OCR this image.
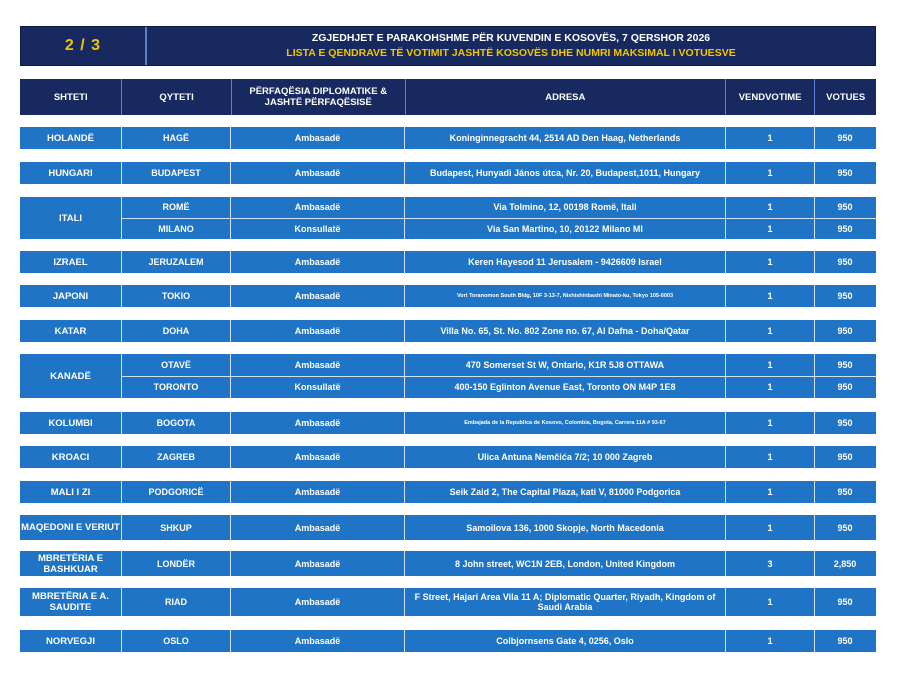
2 / 3	ZGJEDHJET E PARAKOHSHME PËR KUVENDIN E KOSOVËS, 7 QERSHOR 2026
LISTA E QENDRAVE TË VOTIMIT JASHTË KOSOVËS DHE NUMRI MAKSIMAL I VOTUESVE
SHTETI	QYTETI	PËRFAQËSIA DIPLOMATIKE & JASHTË PËRFAQËSISË	ADRESA	VENDVOTIME	VOTUES
HOLANDË	HAGË	Ambasadë	Koninginnegracht 44, 2514 AD Den Haag, Netherlands	1	950
HUNGARI	BUDAPEST	Ambasadë	Budapest, Hunyadi János útca, Nr. 20, Budapest,1011, Hungary	1	950
ITALI
ROMË	Ambasadë	Via Tolmino, 12, 00198 Romë, Itali	1	950
MILANO	Konsullatë	Via San Martino, 10, 20122 Milano MI	1	950
IZRAEL	JERUZALEM	Ambasadë	Keren Hayesod 11 Jerusalem - 9426609 Israel	1	950
JAPONI	TOKIO	Ambasadë	Vort Toranomon South Bldg, 10F 3-13-7, Nishishinbashi Minato-ku, Tokyo 105-0003	1	950
KATAR	DOHA	Ambasadë	Villa No. 65, St. No. 802 Zone no. 67, Al Dafna - Doha/Qatar	1	950
KANADË
OTAVË	Ambasadë	470 Somerset St W, Ontario, K1R 5J8 OTTAWA	1	950
TORONTO	Konsullatë	400-150 Eglinton Avenue East, Toronto ON M4P 1E8	1	950
KOLUMBI	BOGOTA	Ambasadë	Embajada de la Republica de Kosovo, Colombia, Bogota, Carrera 11A # 93-67	1	950
KROACI	ZAGREB	Ambasadë	Ulica Antuna Nemčića 7/2; 10 000 Zagreb	1	950
MALI I ZI	PODGORICË	Ambasadë	Seik Zaid 2, The Capital Plaza, kati V, 81000 Podgorica	1	950
MAQEDONI E VERIUT	SHKUP	Ambasadë	Samoilova 136, 1000 Skopje, North Macedonia	1	950
MBRETËRIA E BASHKUAR	LONDËR	Ambasadë	8 John street, WC1N 2EB, London, United Kingdom	3	2,850
MBRETËRIA E A. SAUDITE	RIAD	Ambasadë	F Street, Hajari Area Vila 11 A; Diplomatic Quarter, Riyadh, Kingdom of Saudi Arabia	1	950
NORVEGJI	OSLO	Ambasadë	Colbjornsens Gate 4, 0256, Oslo	1	950
